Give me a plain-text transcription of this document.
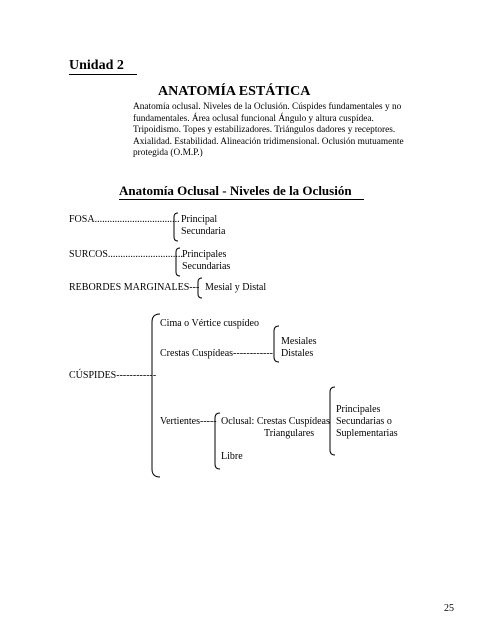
Unidad 2
ANATOMÍA ESTÁTICA
Anatomía oclusal. Niveles de la Oclusión. Cúspides fundamentales y no
fundamentales. Área oclusal funcional Ángulo y altura cuspídea.
Tripoidismo. Topes y estabilizadores. Triángulos dadores y receptores.
Axialidad. Estabilidad. Alineación tridimensional. Oclusión mutuamente
protegida (O.M.P.)
Anatomía Oclusal - Niveles de la Oclusión
FOSA.................................. Principal
Secundaria
SURCOS.............................. Principales
Secundarias
REBORDES MARGINALES--- Mesial y Distal
CÚSPIDES------------
Cima o Vértice cuspídeo
Crestas Cuspídeas------------
Mesiales
Distales
Vertientes----- Oclusal: Crestas Cuspídeas
Triangulares
Libre
Principales
Secundarias o
Suplementarias
25
